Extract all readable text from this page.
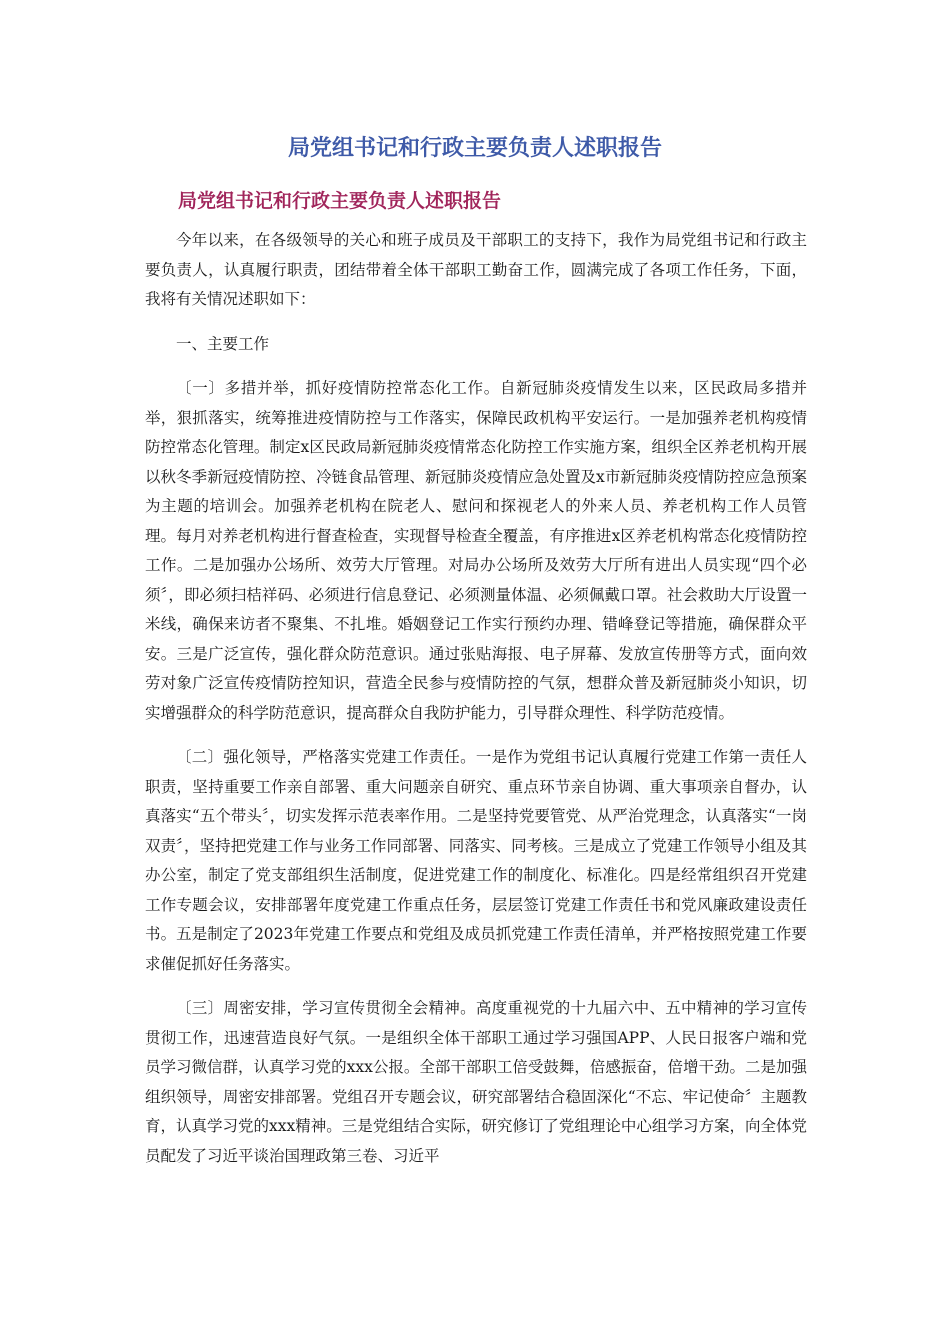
局党组书记和行政主要负责人述职报告
局党组书记和行政主要负责人述职报告

今年以来，在各级领导的关心和班子成员及干部职工的支持下，我作为局党组书记和行政主要负责人，认真履行职责，团结带着全体干部职工勤奋工作，圆满完成了各项工作任务，下面，我将有关情况述职如下：

一、主要工作

〔一〕多措并举，抓好疫情防控常态化工作。自新冠肺炎疫情发生以来，区民政局多措并举，狠抓落实，统筹推进疫情防控与工作落实，保障民政机构平安运行。一是加强养老机构疫情防控常态化管理。制定x区民政局新冠肺炎疫情常态化防控工作实施方案，组织全区养老机构开展以秋冬季新冠疫情防控、冷链食品管理、新冠肺炎疫情应急处置及x市新冠肺炎疫情防控应急预案为主题的培训会。加强养老机构在院老人、慰问和探视老人的外来人员、养老机构工作人员管理。每月对养老机构进行督查检查，实现督导检查全覆盖，有序推进x区养老机构常态化疫情防控工作。二是加强办公场所、效劳大厅管理。对局办公场所及效劳大厅所有进出人员实现“四个必须〞，即必须扫桔祥码、必须进行信息登记、必须测量体温、必须佩戴口罩。社会救助大厅设置一米线，确保来访者不聚集、不扎堆。婚姻登记工作实行预约办理、错峰登记等措施，确保群众平安。三是广泛宣传，强化群众防范意识。通过张贴海报、电子屏幕、发放宣传册等方式，面向效劳对象广泛宣传疫情防控知识，营造全民参与疫情防控的气氛，想群众普及新冠肺炎小知识，切实增强群众的科学防范意识，提高群众自我防护能力，引导群众理性、科学防范疫情。

〔二〕强化领导，严格落实党建工作责任。一是作为党组书记认真履行党建工作第一责任人职责，坚持重要工作亲自部署、重大问题亲自研究、重点环节亲自协调、重大事项亲自督办，认真落实“五个带头〞，切实发挥示范表率作用。二是坚持党要管党、从严治党理念，认真落实“一岗双责〞，坚持把党建工作与业务工作同部署、同落实、同考核。三是成立了党建工作领导小组及其办公室，制定了党支部组织生活制度，促进党建工作的制度化、标准化。四是经常组织召开党建工作专题会议，安排部署年度党建工作重点任务，层层签订党建工作责任书和党风廉政建设责任书。五是制定了2023年党建工作要点和党组及成员抓党建工作责任清单，并严格按照党建工作要求催促抓好任务落实。

〔三〕周密安排，学习宣传贯彻全会精神。高度重视党的十九届六中、五中精神的学习宣传贯彻工作，迅速营造良好气氛。一是组织全体干部职工通过学习强国APP、人民日报客户端和党员学习微信群，认真学习党的xxx公报。全部干部职工倍受鼓舞，倍感振奋，倍增干劲。二是加强组织领导，周密安排部署。党组召开专题会议，研究部署结合稳固深化“不忘、牢记使命〞主题教育，认真学习党的xxx精神。三是党组结合实际，研究修订了党组理论中心组学习方案，向全体党员配发了习近平谈治国理政第三卷、习近平
